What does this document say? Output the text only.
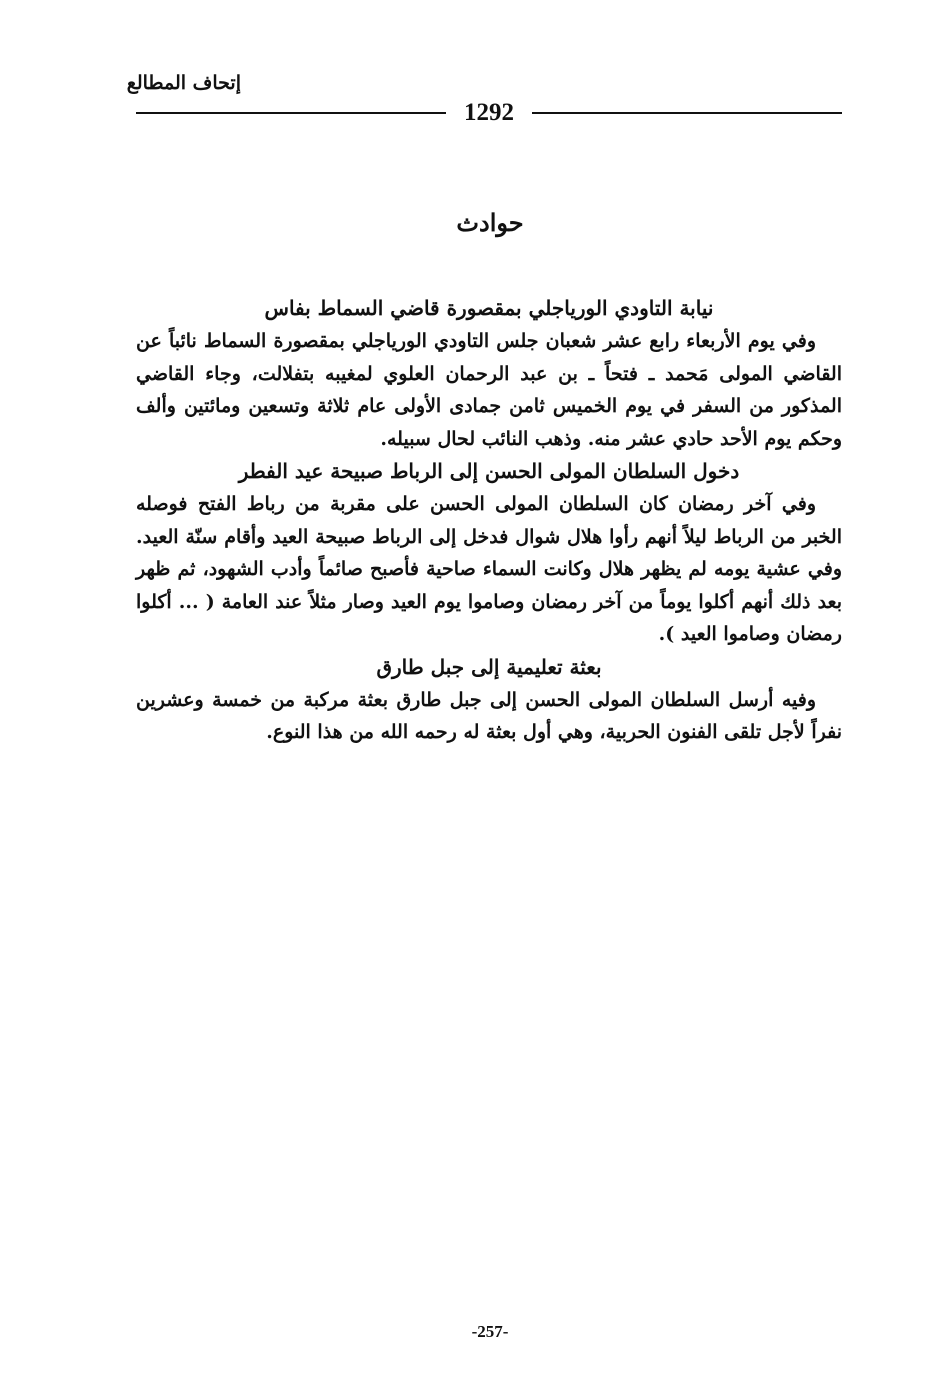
إتحاف المطالع
1292
حوادث
نيابة التاودي الورياجلي بمقصورة قاضي السماط بفاس

وفي يوم الأربعاء رابع عشر شعبان جلس التاودي الورياجلي بمقصورة السماط نائباً عن القاضي المولى مَحمد ـ فتحاً ـ بن عبد الرحمان العلوي لمغيبه بتفلالت، وجاء القاضي المذكور من السفر في يوم الخميس ثامن جمادى الأولى عام ثلاثة وتسعين ومائتين وألف وحكم يوم الأحد حادي عشر منه. وذهب النائب لحال سبيله.

دخول السلطان المولى الحسن إلى الرباط صبيحة عيد الفطر

وفي آخر رمضان كان السلطان المولى الحسن على مقربة من رباط الفتح فوصله الخبر من الرباط ليلاً أنهم رأوا هلال شوال فدخل إلى الرباط صبيحة العيد وأقام سنّة العيد. وفي عشية يومه لم يظهر هلال وكانت السماء صاحية فأصبح صائماً وأدب الشهود، ثم ظهر بعد ذلك أنهم أكلوا يوماً من آخر رمضان وصاموا يوم العيد وصار مثلاً عند العامة ( ... أكلوا رمضان وصاموا العيد ).

بعثة تعليمية إلى جبل طارق

وفيه أرسل السلطان المولى الحسن إلى جبل طارق بعثة مركبة من خمسة وعشرين نفراً لأجل تلقى الفنون الحربية، وهي أول بعثة له رحمه الله من هذا النوع.

-257-
